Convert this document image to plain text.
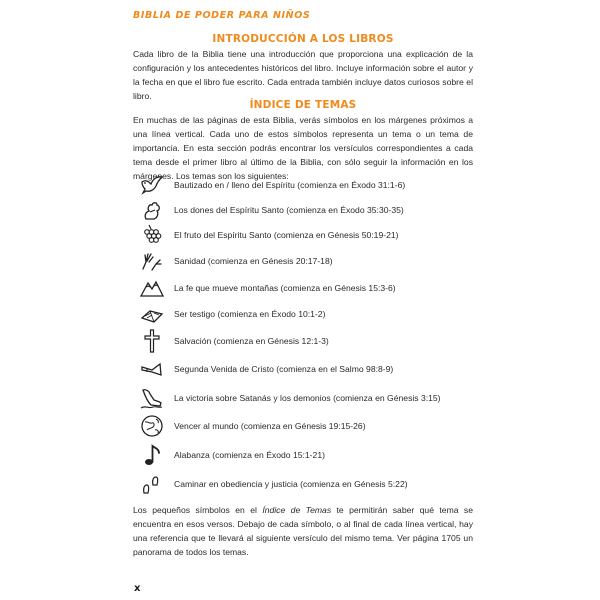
BIBLIA DE PODER PARA NIÑOS
INTRODUCCIÓN A LOS LIBROS

Cada libro de la Biblia tiene una introducción que proporciona una explicación de la configuración y los antecedentes históricos del libro. Incluye información sobre el autor y la fecha en que el libro fue escrito. Cada entrada también incluye datos curiosos sobre el libro.

ÍNDICE DE TEMAS

En muchas de las páginas de esta Biblia, verás símbolos en los márgenes próximos a una línea vertical. Cada uno de estos símbolos representa un tema o un tema de importancia. En esta sección podrás encontrar los versículos correspondientes a cada tema desde el primer libro al último de la Biblia, con sólo seguir la información en los márgenes. Los temas son los siguientes:

Bautizado en / lleno del Espíritu (comienza en Éxodo 31:1-6)
Los dones del Espíritu Santo (comienza en Éxodo 35:30-35)
El fruto del Espíritu Santo (comienza en Génesis 50:19-21)
Sanidad (comienza en Génesis 20:17-18)
La fe que mueve montañas (comienza en Génesis 15:3-6)
Ser testigo (comienza en Éxodo 10:1-2)
Salvación (comienza en Génesis 12:1-3)
Segunda Venida de Cristo (comienza en el Salmo 98:8-9)
La victoria sobre Satanás y los demonios (comienza en Génesis 3:15)
Vencer al mundo (comienza en Génesis 19:15-26)
Alabanza (comienza en Éxodo 15:1-21)
Caminar en obediencia y justicia (comienza en Génesis 5:22)

Los pequeños símbolos en el Índice de Temas te permitirán saber qué tema se encuentra en esos versos. Debajo de cada símbolo, o al final de cada línea vertical, hay una referencia que te llevará al siguiente versículo del mismo tema. Ver página 1705 un panorama de todos los temas.

x
